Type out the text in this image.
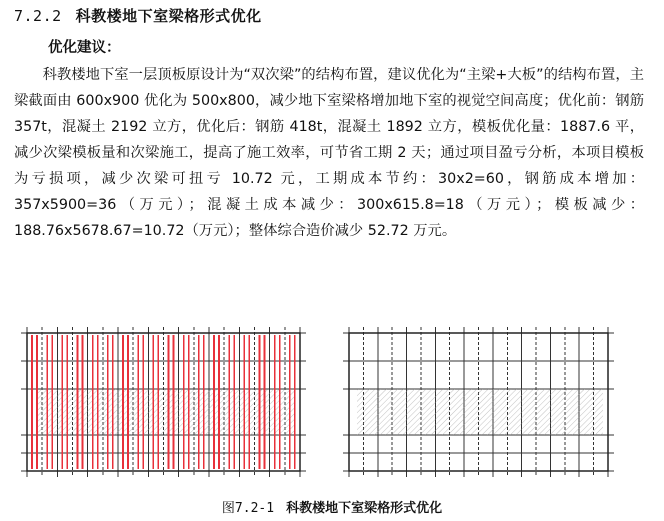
7.2.2 科教楼地下室梁格形式优化
优化建议：

科教楼地下室一层顶板原设计为“双次梁”的结构布置，建议优化为“主梁+大板”的结构布置，主梁截面由 600x900 优化为 500x800，减少地下室梁格增加地下室的视觉空间高度；优化前：钢筋 357t，混凝土 2192 立方，优化后：钢筋 418t，混凝土 1892 立方，模板优化量：1887.6 平，减少次梁模板量和次梁施工，提高了施工效率，可节省工期 2 天；通过项目盈亏分析，本项目模板为亏损项，减少次梁可扭亏 10.72 元，工期成本节约：30x2=60，钢筋成本增加：357x5900=36（万元）；混凝土成本减少：300x615.8=18（万元）；模板减少：188.76x5678.67=10.72（万元）；整体综合造价减少 52.72 万元。

图7.2-1 科教楼地下室梁格形式优化
